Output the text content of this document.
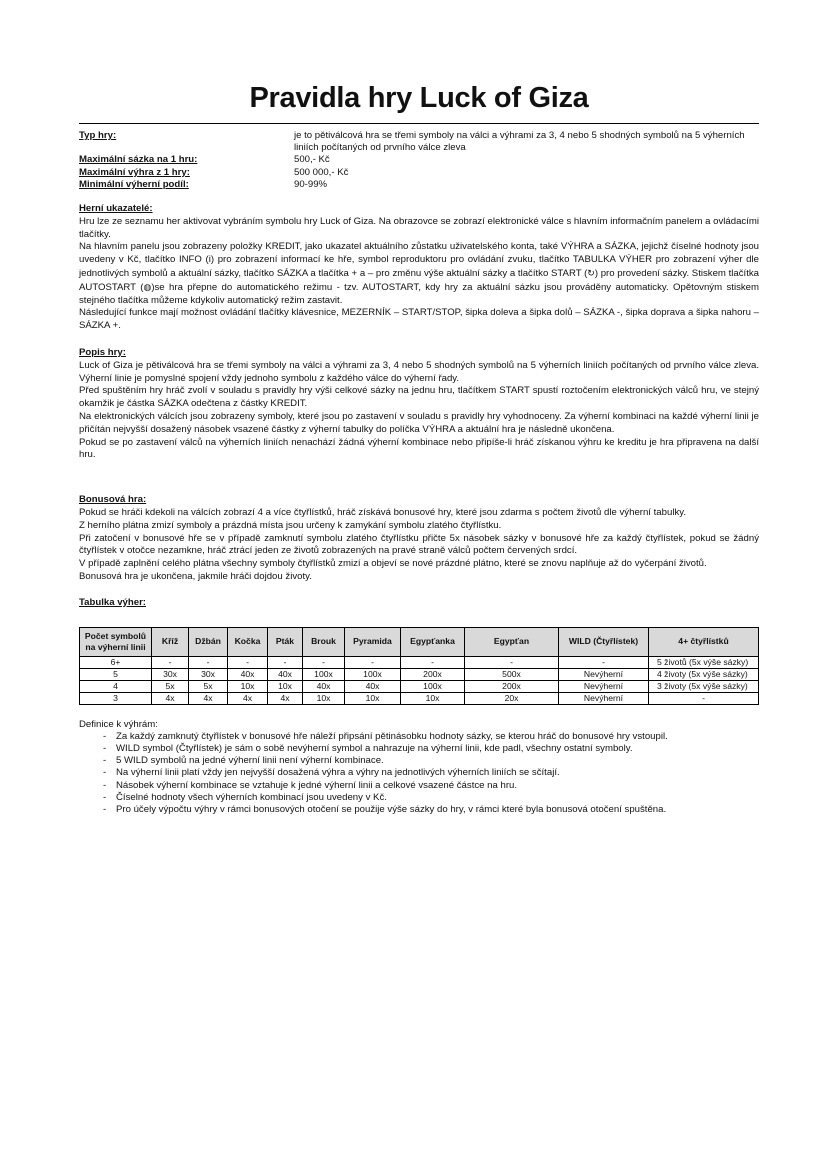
Pravidla hry Luck of Giza
Typ hry:	je to pětiválcová hra se třemi symboly na válci a výhrami za 3, 4 nebo 5 shodných symbolů na 5 výherních liniích počítaných od prvního válce zleva
Maximální sázka na 1 hru:	500,- Kč
Maximální výhra z 1 hry:	500 000,- Kč
Minimální výherní podíl:	90-99%
Herní ukazatelé:

Hru lze ze seznamu her aktivovat vybráním symbolu hry Luck of Giza. Na obrazovce se zobrazí elektronické válce s hlavním informačním panelem a ovládacími tlačítky.

Na hlavním panelu jsou zobrazeny položky KREDIT, jako ukazatel aktuálního zůstatku uživatelského konta, také VÝHRA a SÁZKA, jejichž číselné hodnoty jsou uvedeny v Kč, tlačítko INFO (i) pro zobrazení informací ke hře, symbol reproduktoru pro ovládání zvuku, tlačítko TABULKA VÝHER pro zobrazení výher dle jednotlivých symbolů a aktuální sázky, tlačítko SÁZKA a tlačítka + a – pro změnu výše aktuální sázky a tlačítko START (↻) pro provedení sázky. Stiskem tlačítka AUTOSTART (◍)se hra přepne do automatického režimu - tzv. AUTOSTART, kdy hry za aktuální sázku jsou prováděny automaticky. Opětovným stiskem stejného tlačítka můžeme kdykoliv automatický režim zastavit.

Následující funkce mají možnost ovládání tlačítky klávesnice, MEZERNÍK – START/STOP, šipka doleva a šipka dolů – SÁZKA -, šipka doprava a šipka nahoru – SÁZKA +.

Popis hry:

Luck of Giza je pětiválcová hra se třemi symboly na válci a výhrami za 3, 4 nebo 5 shodných symbolů na 5 výherních liniích počítaných od prvního válce zleva. Výherní linie je pomyslné spojení vždy jednoho symbolu z každého válce do výherní řady.

Před spuštěním hry hráč zvolí v souladu s pravidly hry výši celkové sázky na jednu hru, tlačítkem START spustí roztočením elektronických válců hru, ve stejný okamžik je částka SÁZKA odečtena z částky KREDIT.

Na elektronických válcích jsou zobrazeny symboly, které jsou po zastavení v souladu s pravidly hry vyhodnoceny. Za výherní kombinaci na každé výherní linii je přičítán nejvyšší dosažený násobek vsazené částky z výherní tabulky do políčka VÝHRA a aktuální hra je následně ukončena.

Pokud se po zastavení válců na výherních liniích nenachází žádná výherní kombinace nebo připíše-li hráč získanou výhru ke kreditu je hra připravena na další hru.

Bonusová hra:

Pokud se hráči kdekoli na válcích zobrazí 4 a více čtyřlístků, hráč získává bonusové hry, které jsou zdarma s počtem životů dle výherní tabulky.

Z herního plátna zmizí symboly a prázdná místa jsou určeny k zamykání symbolu zlatého čtyřlístku.

Při zatočení v bonusové hře se v případě zamknutí symbolu zlatého čtyřlístku přičte 5x násobek sázky v bonusové hře za každý čtyřlístek, pokud se žádný čtyřlístek v otočce nezamkne, hráč ztrácí jeden ze životů zobrazených na pravé straně válců počtem červených srdcí.

V případě zaplnění celého plátna všechny symboly čtyřlístků zmizí a objeví se nové prázdné plátno, které se znovu naplňuje až do vyčerpání životů.

Bonusová hra je ukončena, jakmile hráči dojdou životy.

Tabulka výher:
Počet symbolů na výherní linii	Kříž	Džbán	Kočka	Pták	Brouk	Pyramida	Egypťanka	Egypťan	WILD (Čtyřlístek)	4+ čtyřlístků
6+	-	-	-	-	-	-	-	-	-	5 životů (5x výše sázky)
5	30x	30x	40x	40x	100x	100x	200x	500x	Nevýherní	4 životy (5x výše sázky)
4	5x	5x	10x	10x	40x	40x	100x	200x	Nevýherní	3 životy (5x výše sázky)
3	4x	4x	4x	4x	10x	10x	10x	20x	Nevýherní	-
Definice k výhrám:
- Za každý zamknutý čtyřlístek v bonusové hře náleží připsání pětinásobku hodnoty sázky, se kterou hráč do bonusové hry vstoupil.
- WILD symbol (Čtyřlístek) je sám o sobě nevýherní symbol a nahrazuje na výherní linii, kde padl, všechny ostatní symboly.
- 5 WILD symbolů na jedné výherní linii není výherní kombinace.
- Na výherní linii platí vždy jen nejvyšší dosažená výhra a výhry na jednotlivých výherních liniích se sčítají.
- Násobek výherní kombinace se vztahuje k jedné výherní linii a celkové vsazené částce na hru.
- Číselné hodnoty všech výherních kombinací jsou uvedeny v Kč.
- Pro účely výpočtu výhry v rámci bonusových otočení se použije výše sázky do hry, v rámci které byla bonusová otočení spuštěna.
